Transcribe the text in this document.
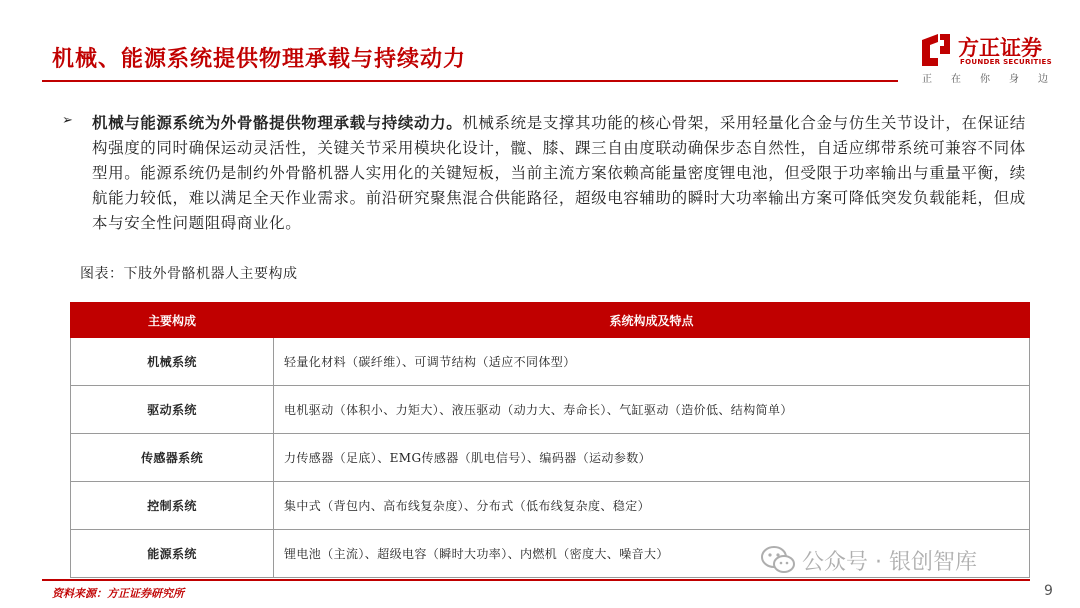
机械、能源系统提供物理承载与持续动力	方正证券
FOUNDER SECURITIES
正在你身边
➢ 机械与能源系统为外骨骼提供物理承载与持续动力。机械系统是支撑其功能的核心骨架，采用轻量化合金与仿生关节设计，在保证结构强度的同时确保运动灵活性，关键关节采用模块化设计，髋、膝、踝三自由度联动确保步态自然性，自适应绑带系统可兼容不同体型用。能源系统仍是制约外骨骼机器人实用化的关键短板，当前主流方案依赖高能量密度锂电池，但受限于功率输出与重量平衡，续航能力较低，难以满足全天作业需求。前沿研究聚焦混合供能路径，超级电容辅助的瞬时大功率输出方案可降低突发负载能耗，但成本与安全性问题阻碍商业化。
图表：下肢外骨骼机器人主要构成
主要构成	系统构成及特点
机械系统	轻量化材料（碳纤维）、可调节结构（适应不同体型）
驱动系统	电机驱动（体积小、力矩大）、液压驱动（动力大、寿命长）、气缸驱动（造价低、结构简单）
传感器系统	力传感器（足底）、EMG传感器（肌电信号）、编码器（运动参数）
控制系统	集中式（背包内、高布线复杂度）、分布式（低布线复杂度、稳定）
能源系统	锂电池（主流）、超级电容（瞬时大功率）、内燃机（密度大、噪音大）	公众号 · 银创智库
资料来源：方正证券研究所	9
